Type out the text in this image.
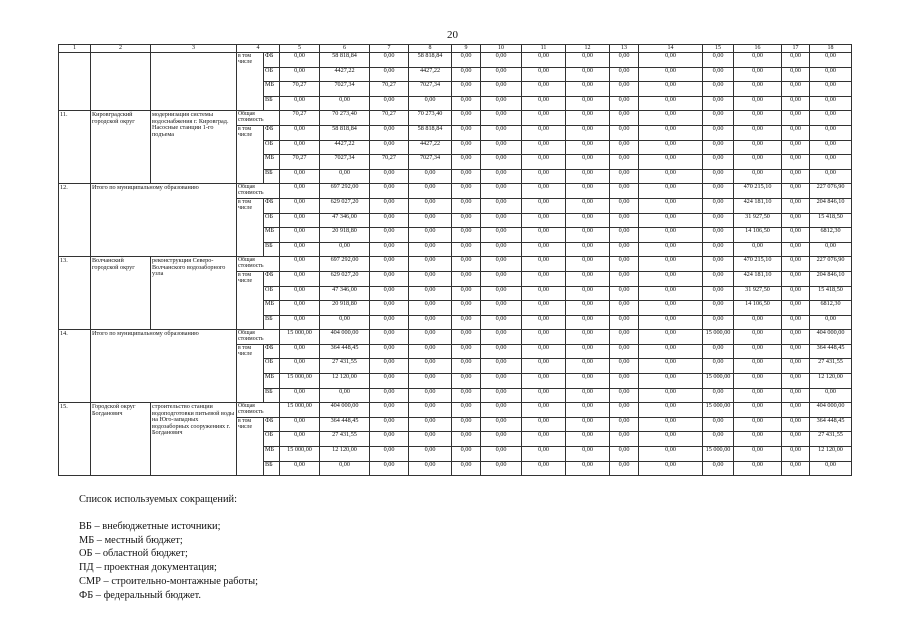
20
1	2	3	4		5	6	7	8	9	10	11	12	13	14	15	16	17	18
			в том числе	ФБ	0,00	58 818,84	0,00	58 818,84	0,00	0,00	0,00	0,00	0,00	0,00	0,00	0,00	0,00	0,00
				ОБ	0,00	4427,22	0,00	4427,22	0,00	0,00	0,00	0,00	0,00	0,00	0,00	0,00	0,00	0,00
				МБ	70,27	7027,34	70,27	7027,34	0,00	0,00	0,00	0,00	0,00	0,00	0,00	0,00	0,00	0,00
				ВБ	0,00	0,00	0,00	0,00	0,00	0,00	0,00	0,00	0,00	0,00	0,00	0,00	0,00	0,00
11.	Кировградский городской округ	модернизация системы водоснабжения г. Кировград. Насосные станции 1-го подъема	Общая стоимость		70,27	70 273,40	70,27	70 273,40	0,00	0,00	0,00	0,00	0,00	0,00	0,00	0,00	0,00	0,00
			в том числе	ФБ	0,00	58 818,84	0,00	58 818,84	0,00	0,00	0,00	0,00	0,00	0,00	0,00	0,00	0,00	0,00
				ОБ	0,00	4427,22	0,00	4427,22	0,00	0,00	0,00	0,00	0,00	0,00	0,00	0,00	0,00	0,00
				МБ	70,27	7027,34	70,27	7027,34	0,00	0,00	0,00	0,00	0,00	0,00	0,00	0,00	0,00	0,00
				ВБ	0,00	0,00	0,00	0,00	0,00	0,00	0,00	0,00	0,00	0,00	0,00	0,00	0,00	0,00
12.	Итого по муниципальному образованию		Общая стоимость		0,00	697 292,00	0,00	0,00	0,00	0,00	0,00	0,00	0,00	0,00	0,00	470 215,10	0,00	227 076,90
			в том числе	ФБ	0,00	629 027,20	0,00	0,00	0,00	0,00	0,00	0,00	0,00	0,00	0,00	424 181,10	0,00	204 846,10
				ОБ	0,00	47 346,00	0,00	0,00	0,00	0,00	0,00	0,00	0,00	0,00	0,00	31 927,50	0,00	15 418,50
				МБ	0,00	20 918,80	0,00	0,00	0,00	0,00	0,00	0,00	0,00	0,00	0,00	14 106,50	0,00	6812,30
				ВБ	0,00	0,00	0,00	0,00	0,00	0,00	0,00	0,00	0,00	0,00	0,00	0,00	0,00	0,00
13.	Волчанский городской округ	реконструкция Северо-Волчанского водозаборного узла	Общая стоимость		0,00	697 292,00	0,00	0,00	0,00	0,00	0,00	0,00	0,00	0,00	0,00	470 215,10	0,00	227 076,90
			в том числе	ФБ	0,00	629 027,20	0,00	0,00	0,00	0,00	0,00	0,00	0,00	0,00	0,00	424 181,10	0,00	204 846,10
				ОБ	0,00	47 346,00	0,00	0,00	0,00	0,00	0,00	0,00	0,00	0,00	0,00	31 927,50	0,00	15 418,50
				МБ	0,00	20 918,80	0,00	0,00	0,00	0,00	0,00	0,00	0,00	0,00	0,00	14 106,50	0,00	6812,30
				ВБ	0,00	0,00	0,00	0,00	0,00	0,00	0,00	0,00	0,00	0,00	0,00	0,00	0,00	0,00
14.	Итого по муниципальному образованию		Общая стоимость		15 000,00	404 000,00	0,00	0,00	0,00	0,00	0,00	0,00	0,00	0,00	15 000,00	0,00	0,00	404 000,00
			в том числе	ФБ	0,00	364 448,45	0,00	0,00	0,00	0,00	0,00	0,00	0,00	0,00	0,00	0,00	0,00	364 448,45
				ОБ	0,00	27 431,55	0,00	0,00	0,00	0,00	0,00	0,00	0,00	0,00	0,00	0,00	0,00	27 431,55
				МБ	15 000,00	12 120,00	0,00	0,00	0,00	0,00	0,00	0,00	0,00	0,00	15 000,00	0,00	0,00	12 120,00
				ВБ	0,00	0,00	0,00	0,00	0,00	0,00	0,00	0,00	0,00	0,00	0,00	0,00	0,00	0,00
15.	Городской округ Богданович	строительство станции водоподготовки питьевой воды на Юго-западных водозаборных сооружениях г. Богданович	Общая стоимость		15 000,00	404 000,00	0,00	0,00	0,00	0,00	0,00	0,00	0,00	0,00	15 000,00	0,00	0,00	404 000,00
			в том числе	ФБ	0,00	364 448,45	0,00	0,00	0,00	0,00	0,00	0,00	0,00	0,00	0,00	0,00	0,00	364 448,45
				ОБ	0,00	27 431,55	0,00	0,00	0,00	0,00	0,00	0,00	0,00	0,00	0,00	0,00	0,00	27 431,55
				МБ	15 000,00	12 120,00	0,00	0,00	0,00	0,00	0,00	0,00	0,00	0,00	15 000,00	0,00	0,00	12 120,00
				ВБ	0,00	0,00	0,00	0,00	0,00	0,00	0,00	0,00	0,00	0,00	0,00	0,00	0,00	0,00
Список используемых сокращений:
ВБ – внебюджетные источники;
МБ – местный бюджет;
ОБ – областной бюджет;
ПД – проектная документация;
СМР – строительно-монтажные работы;
ФБ – федеральный бюджет.
